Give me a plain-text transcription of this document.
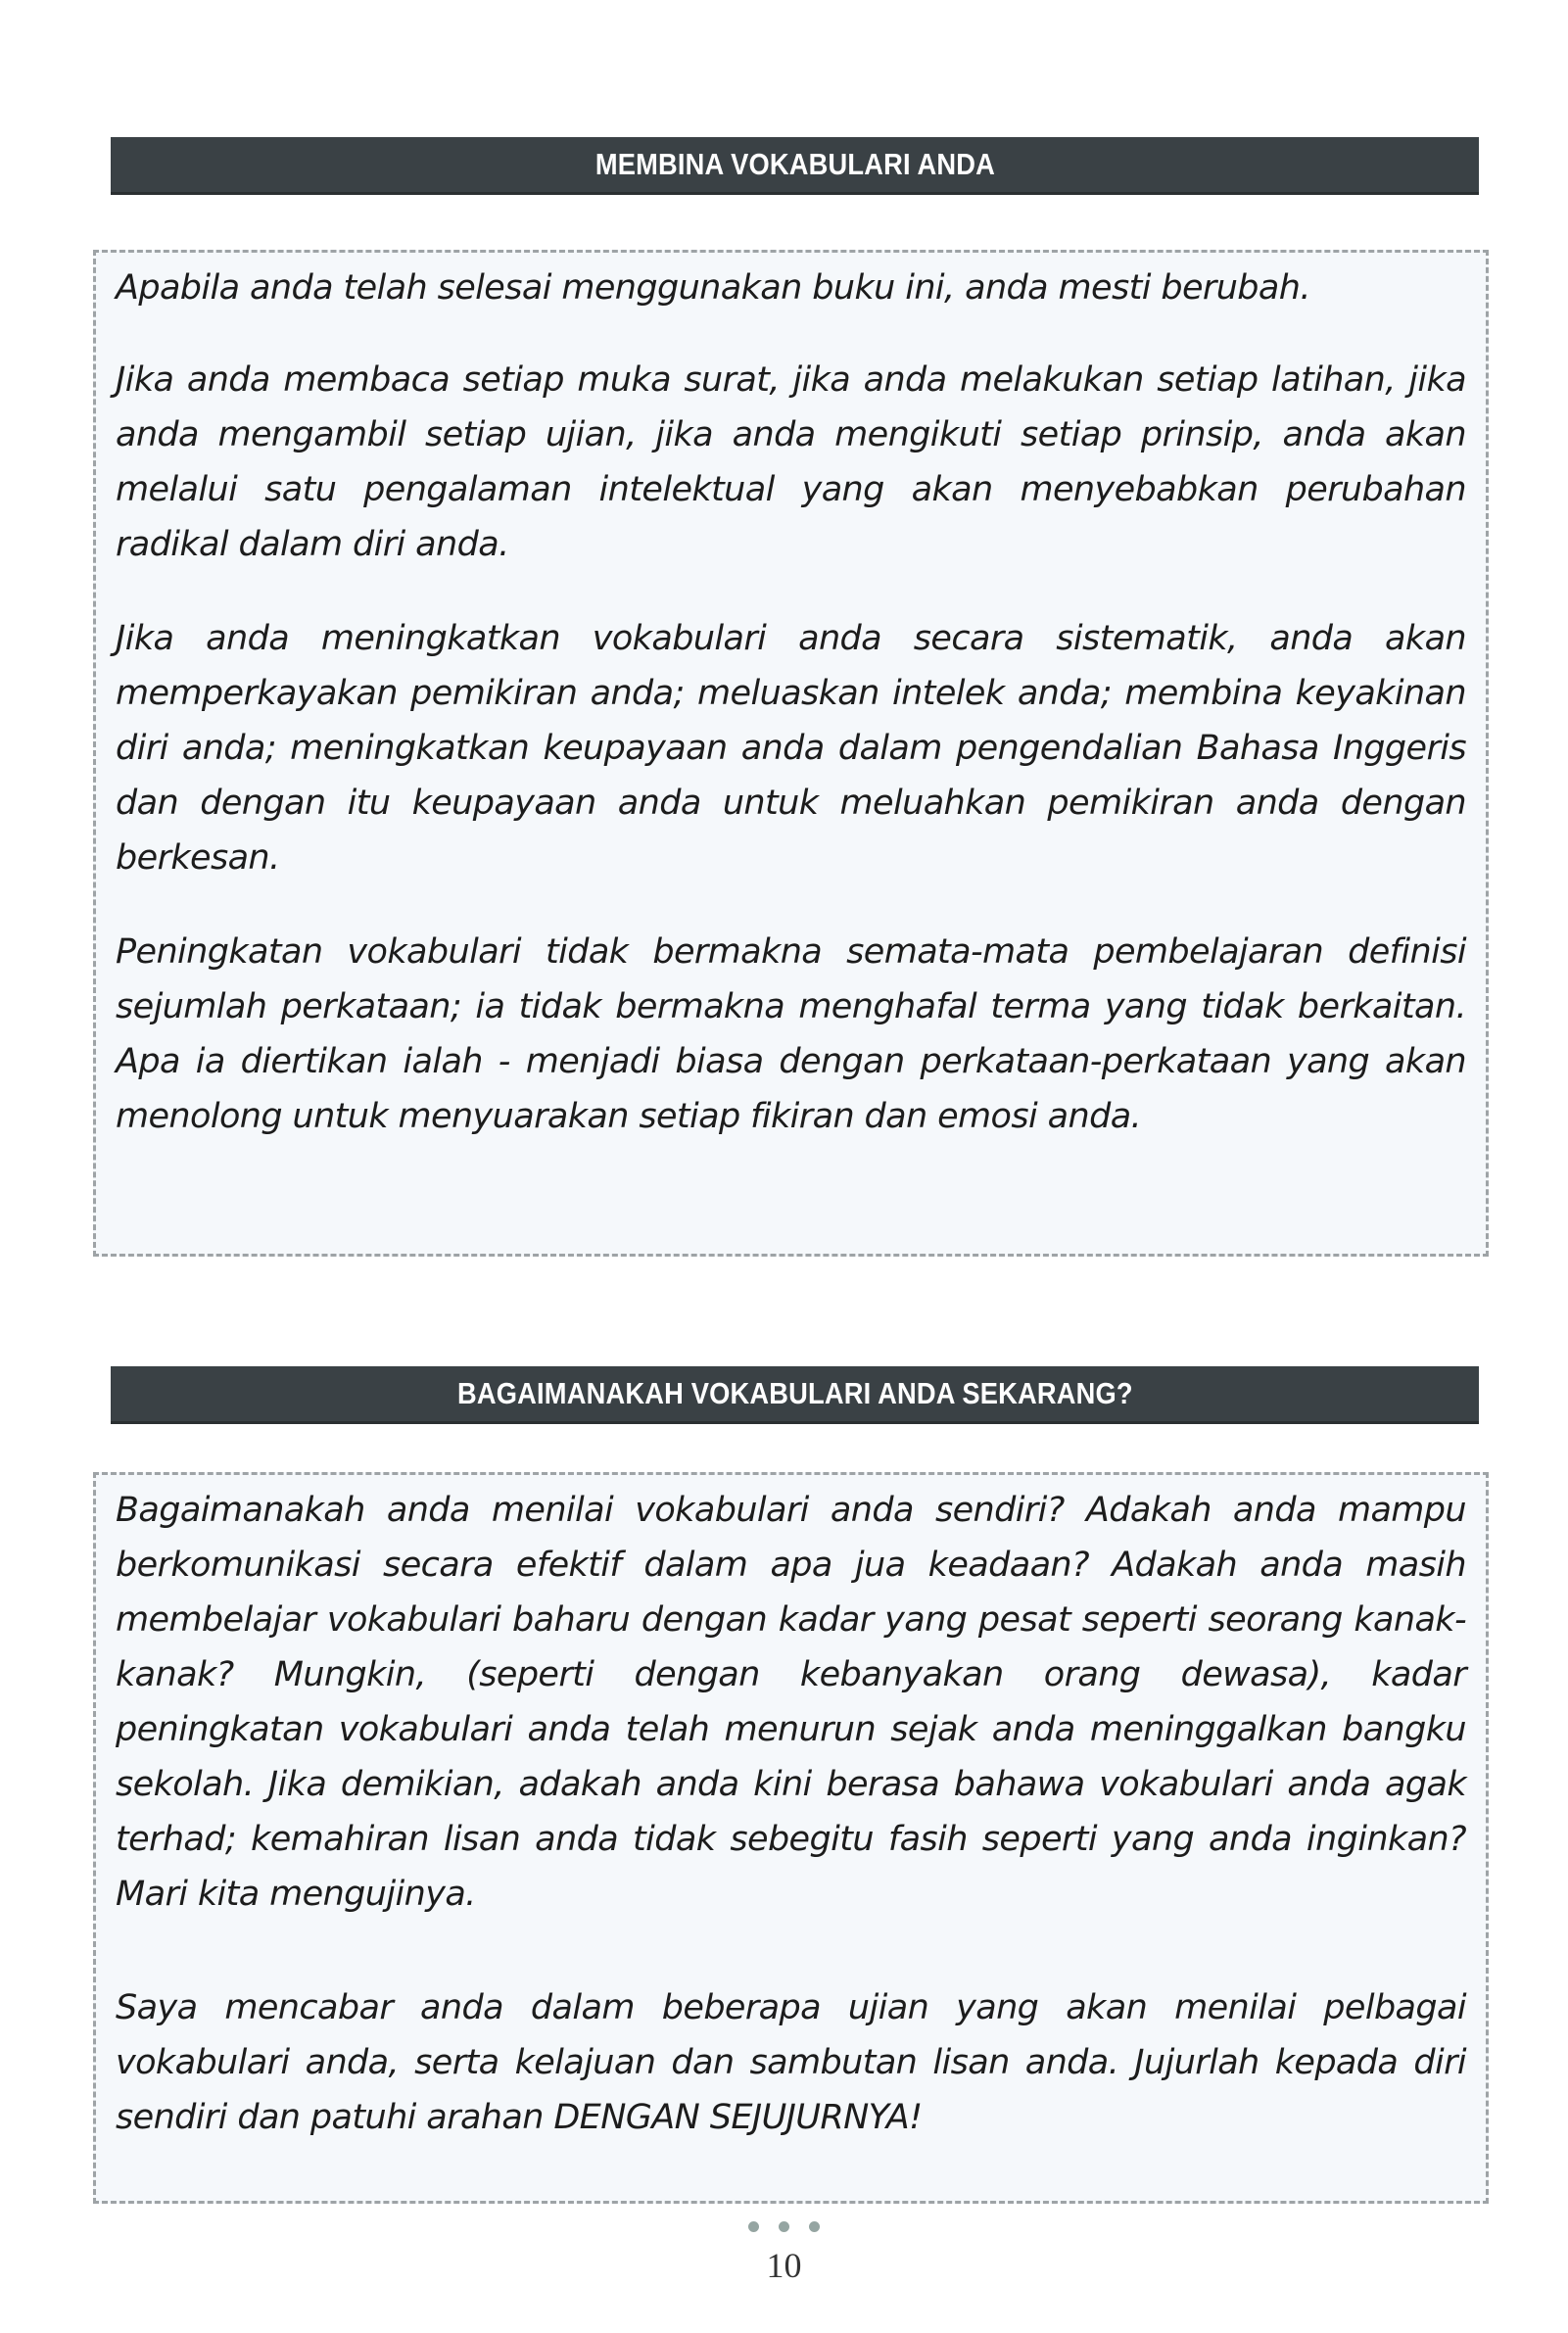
MEMBINA VOKABULARI ANDA

Apabila anda telah selesai menggunakan buku ini, anda mesti berubah.

Jika anda membaca setiap muka surat, jika anda melakukan setiap latihan, jika anda mengambil setiap ujian, jika anda mengikuti setiap prinsip, anda akan melalui satu pengalaman intelektual yang akan menyebabkan perubahan radikal dalam diri anda.

Jika anda meningkatkan vokabulari anda secara sistematik, anda akan memperkayakan pemikiran anda; meluaskan intelek anda; membina keyakinan diri anda; meningkatkan keupayaan anda dalam pengendalian Bahasa Inggeris dan dengan itu keupayaan anda untuk meluahkan pemikiran anda dengan berkesan.

Peningkatan vokabulari tidak bermakna semata-mata pembelajaran definisi sejumlah perkataan; ia tidak bermakna menghafal terma yang tidak berkaitan. Apa ia diertikan ialah - menjadi biasa dengan perkataan-perkataan yang akan menolong untuk menyuarakan setiap fikiran dan emosi anda.

BAGAIMANAKAH VOKABULARI ANDA SEKARANG?

Bagaimanakah anda menilai vokabulari anda sendiri? Adakah anda mampu

berkomunikasi secara efektif dalam apa jua keadaan? Adakah anda masih membelajar vokabulari baharu dengan kadar yang pesat seperti seorang kanak-kanak? Mungkin, (seperti dengan kebanyakan orang dewasa), kadar peningkatan vokabulari anda telah menurun sejak anda meninggalkan bangku sekolah. Jika demikian, adakah anda kini berasa bahawa vokabulari anda agak terhad; kemahiran lisan anda tidak sebegitu fasih seperti yang anda inginkan? Mari kita mengujinya.

Saya mencabar anda dalam beberapa ujian yang akan menilai pelbagai vokabulari anda, serta kelajuan dan sambutan lisan anda. Jujurlah kepada diri sendiri dan patuhi arahan DENGAN SEJUJURNYA!

10
